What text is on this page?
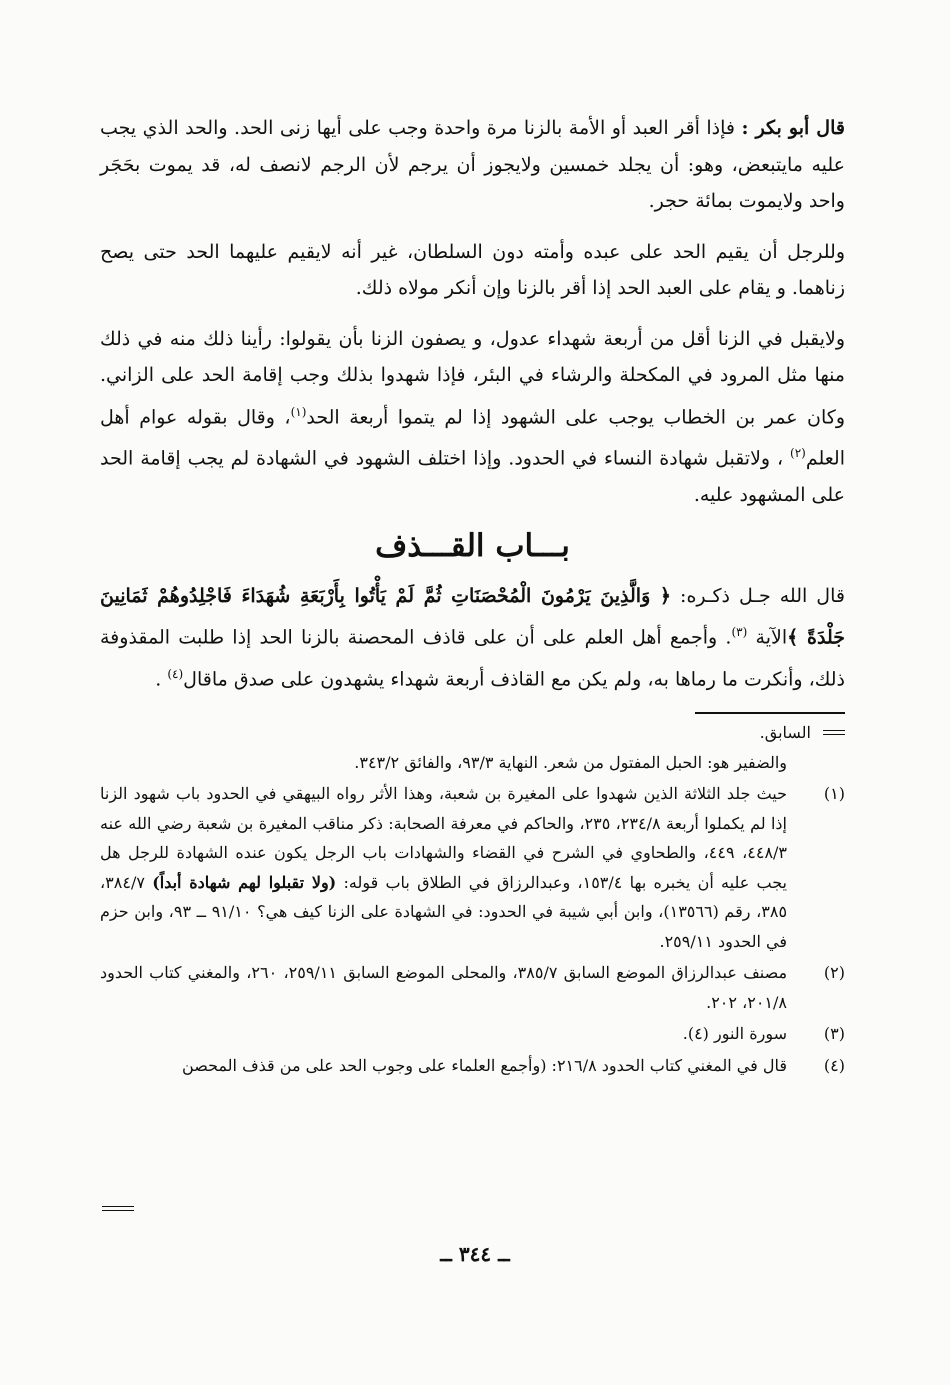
قال أبو بكر : فإذا أقر العبد أو الأمة بالزنا مرة واحدة وجب على أيها زنى الحد. والحد الذي يجب عليه مايتبعض، وهو: أن يجلد خمسين ولايجوز أن يرجم لأن الرجم لانصف له، قد يموت بحَجَر واحد ولايموت بمائة حجر.

وللرجل أن يقيم الحد على عبده وأمته دون السلطان، غير أنه لايقيم عليهما الحد حتى يصح زناهما. و يقام على العبد الحد إذا أقر بالزنا وإن أنكر مولاه ذلك.

ولايقبل في الزنا أقل من أربعة شهداء عدول، و يصفون الزنا بأن يقولوا: رأينا ذلك منه في ذلك منها مثل المرود في المكحلة والرشاء في البئر، فإذا شهدوا بذلك وجب إقامة الحد على الزاني. وكان عمر بن الخطاب يوجب على الشهود إذا لم يتموا أربعة الحد$^{(١)}$، وقال بقوله عوام أهل العلم$^{(٢)}$ ، ولاتقبل شهادة النساء في الحدود. وإذا اختلف الشهود في الشهادة لم يجب إقامة الحد على المشهود عليه.

بـــاب القـــذف

قال الله جـل ذكـره: ﴿ وَالَّذِينَ يَرْمُونَ الْمُحْصَنَاتِ ثُمَّ لَمْ يَأْتُوا بِأَرْبَعَةِ شُهَدَاءَ فَاجْلِدُوهُمْ ثَمَانِينَ جَلْدَةً ﴾الآية $^{(٣)}$. وأجمع أهل العلم على أن على قاذف المحصنة بالزنا الحد إذا طلبت المقذوفة ذلك، وأنكرت ما رماها به، ولم يكن مع القاذف أربعة شهداء يشهدون على صدق ماقال$^{(٤)}$ .

السابق.

والضفير هو: الحبل المفتول من شعر. النهاية ٩٣/٣، والفائق ٣٤٣/٢.

(١)
حيث جلد الثلاثة الذين شهدوا على المغيرة بن شعبة، وهذا الأثر رواه البيهقي في الحدود باب شهود الزنا إذا لم يكملوا أربعة ٢٣٤/٨، ٢٣٥، والحاكم في معرفة الصحابة: ذكر مناقب المغيرة بن شعبة رضي الله عنه ٤٤٨/٣، ٤٤٩، والطحاوي في الشرح في القضاء والشهادات باب الرجل يكون عنده الشهادة للرجل هل يجب عليه أن يخبره بها ١٥٣/٤، وعبدالرزاق في الطلاق باب قوله: (ولا تقبلوا لهم شهادة أبداً) ٣٨٤/٧، ٣٨٥، رقم (١٣٥٦٦)، وابن أبي شيبة في الحدود: في الشهادة على الزنا كيف هي؟ ٩١/١٠ ــ ٩٣، وابن حزم في الحدود ٢٥٩/١١.
(٢)
مصنف عبدالرزاق الموضع السابق ٣٨٥/٧، والمحلى الموضع السابق ٢٥٩/١١، ٢٦٠، والمغني كتاب الحدود ٢٠١/٨، ٢٠٢.
(٣)
سورة النور (٤).
(٤)
قال في المغني كتاب الحدود ٢١٦/٨: (وأجمع العلماء على وجوب الحد على من قذف المحصن
ــ ٣٤٤ ــ
